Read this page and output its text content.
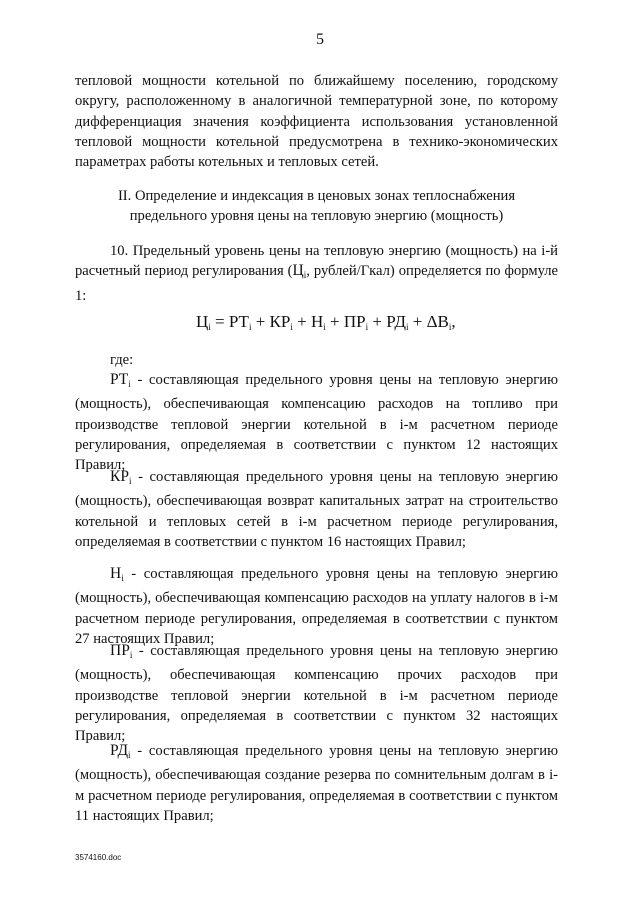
5

тепловой мощности котельной по ближайшему поселению, городскому округу, расположенному в аналогичной температурной зоне, по которому дифференциация значения коэффициента использования установленной тепловой мощности котельной предусмотрена в технико-экономических параметрах работы котельных и тепловых сетей.

II. Определение и индексация в ценовых зонах теплоснабжения
предельного уровня цены на тепловую энергию (мощность)

10. Предельный уровень цены на тепловую энергию (мощность) на i-й расчетный период регулирования ($Ц_i$, рублей/Гкал) определяется по формуле 1:

$Ц_i = РТ_i + КР_i + Н_i + ПР_i + РД_i + \Delta В_i$,

где:

$РТ_i$ - составляющая предельного уровня цены на тепловую энергию (мощность), обеспечивающая компенсацию расходов на топливо при производстве тепловой энергии котельной в i-м расчетном периоде регулирования, определяемая в соответствии с пунктом 12 настоящих Правил;

$КР_i$ - составляющая предельного уровня цены на тепловую энергию (мощность), обеспечивающая возврат капитальных затрат на строительство котельной и тепловых сетей в i-м расчетном периоде регулирования, определяемая в соответствии с пунктом 16 настоящих Правил;

$Н_i$ - составляющая предельного уровня цены на тепловую энергию (мощность), обеспечивающая компенсацию расходов на уплату налогов в i-м расчетном периоде регулирования, определяемая в соответствии с пунктом 27 настоящих Правил;

$ПР_i$ - составляющая предельного уровня цены на тепловую энергию (мощность), обеспечивающая компенсацию прочих расходов при производстве тепловой энергии котельной в i-м расчетном периоде регулирования, определяемая в соответствии с пунктом 32 настоящих Правил;

$РД_i$ - составляющая предельного уровня цены на тепловую энергию (мощность), обеспечивающая создание резерва по сомнительным долгам в i-м расчетном периоде регулирования, определяемая в соответствии с пунктом 11 настоящих Правил;

3574160.doc
